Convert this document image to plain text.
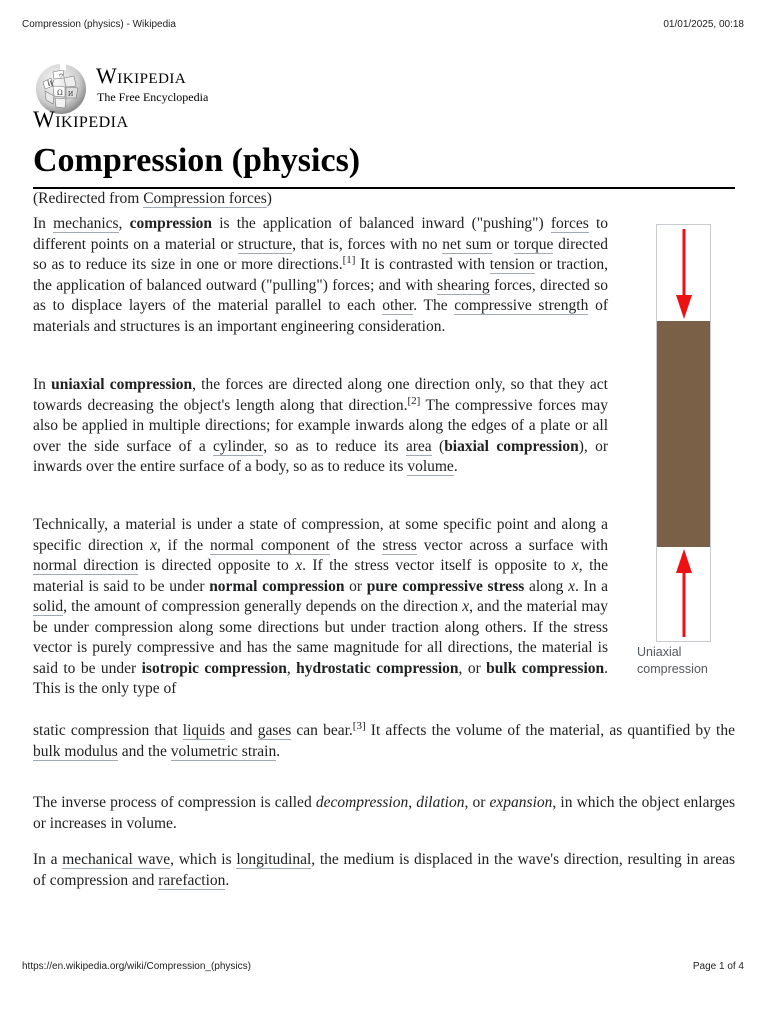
Compression (physics) - Wikipedia	01/01/2025, 00:18
W
Ω И
ウ Wikipedia
The Free Encyclopedia
Wikipedia
Compression (physics)
(Redirected from Compression forces)

In mechanics, compression is the application of balanced inward ("pushing") forces to different points on a material or structure, that is, forces with no net sum or torque directed so as to reduce its size in one or more directions.[1] It is contrasted with tension or traction, the application of balanced outward ("pulling") forces; and with shearing forces, directed so as to displace layers of the material parallel to each other. The compressive strength of materials and structures is an important engineering consideration.

In uniaxial compression, the forces are directed along one direction only, so that they act towards decreasing the object's length along that direction.[2] The compressive forces may also be applied in multiple directions; for example inwards along the edges of a plate or all over the side surface of a cylinder, so as to reduce its area (biaxial compression), or inwards over the entire surface of a body, so as to reduce its volume.

Technically, a material is under a state of compression, at some specific point and along a specific direction x, if the normal component of the stress vector across a surface with normal direction is directed opposite to x. If the stress vector itself is opposite to x, the material is said to be under normal compression or pure compressive stress along x. In a solid, the amount of compression generally depends on the direction x, and the material may be under compression along some directions but under traction along others. If the stress vector is purely compressive and has the same magnitude for all directions, the material is said to be under isotropic compression, hydrostatic compression, or bulk compression. This is the only type of

static compression that liquids and gases can bear.[3] It affects the volume of the material, as quantified by the bulk modulus and the volumetric strain.

The inverse process of compression is called decompression, dilation, or expansion, in which the object enlarges or increases in volume.

In a mechanical wave, which is longitudinal, the medium is displaced in the wave's direction, resulting in areas of compression and rarefaction.

Uniaxial compression
https://en.wikipedia.org/wiki/Compression_(physics)	Page 1 of 4
